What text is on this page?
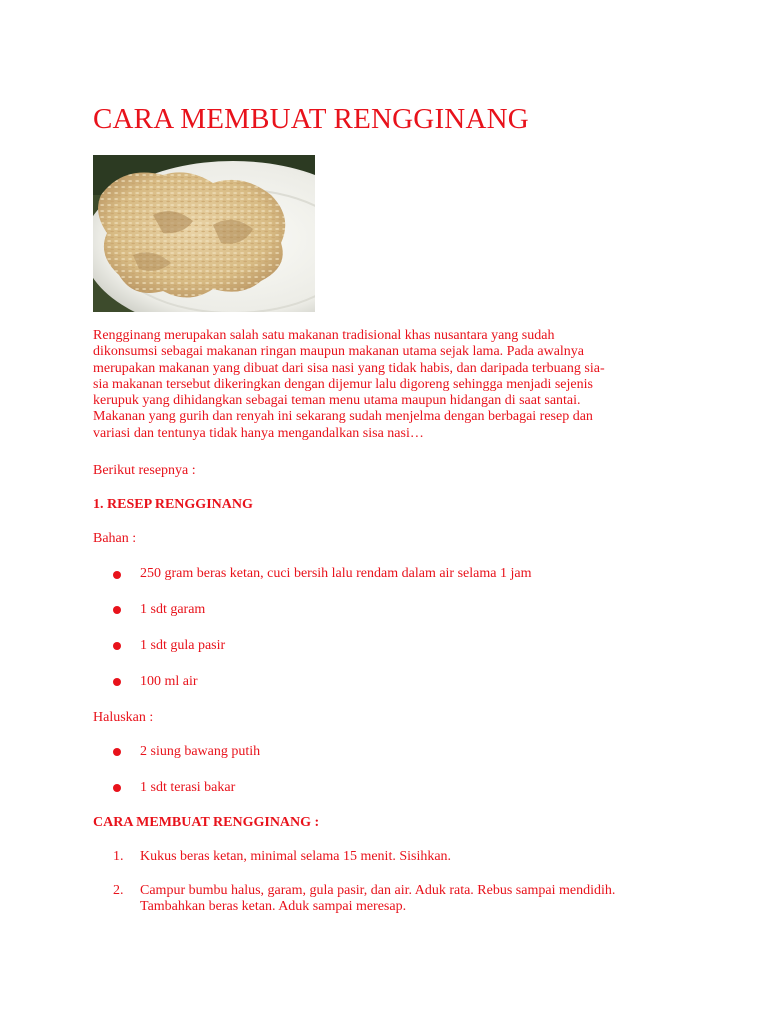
CARA MEMBUAT RENGGINANG

Rengginang merupakan salah satu makanan tradisional khas nusantara yang sudah
dikonsumsi sebagai makanan ringan maupun makanan utama sejak lama. Pada awalnya
merupakan makanan yang dibuat dari sisa nasi yang tidak habis, dan daripada terbuang sia-
sia makanan tersebut dikeringkan dengan dijemur lalu digoreng sehingga menjadi sejenis
kerupuk yang dihidangkan sebagai teman menu utama maupun hidangan di saat santai.
Makanan yang gurih dan renyah ini sekarang sudah menjelma dengan berbagai resep dan
variasi dan tentunya tidak hanya mengandalkan sisa nasi…

Berikut resepnya :

1. RESEP RENGGINANG

Bahan :

250 gram beras ketan, cuci bersih lalu rendam dalam air selama 1 jam

1 sdt garam

1 sdt gula pasir

100 ml air

Haluskan :

2 siung bawang putih

1 sdt terasi bakar

CARA MEMBUAT RENGGINANG :

1. Kukus beras ketan, minimal selama 15 menit. Sisihkan.

2. Campur bumbu halus, garam, gula pasir, dan air. Aduk rata. Rebus sampai mendidih.
Tambahkan beras ketan. Aduk sampai meresap.
